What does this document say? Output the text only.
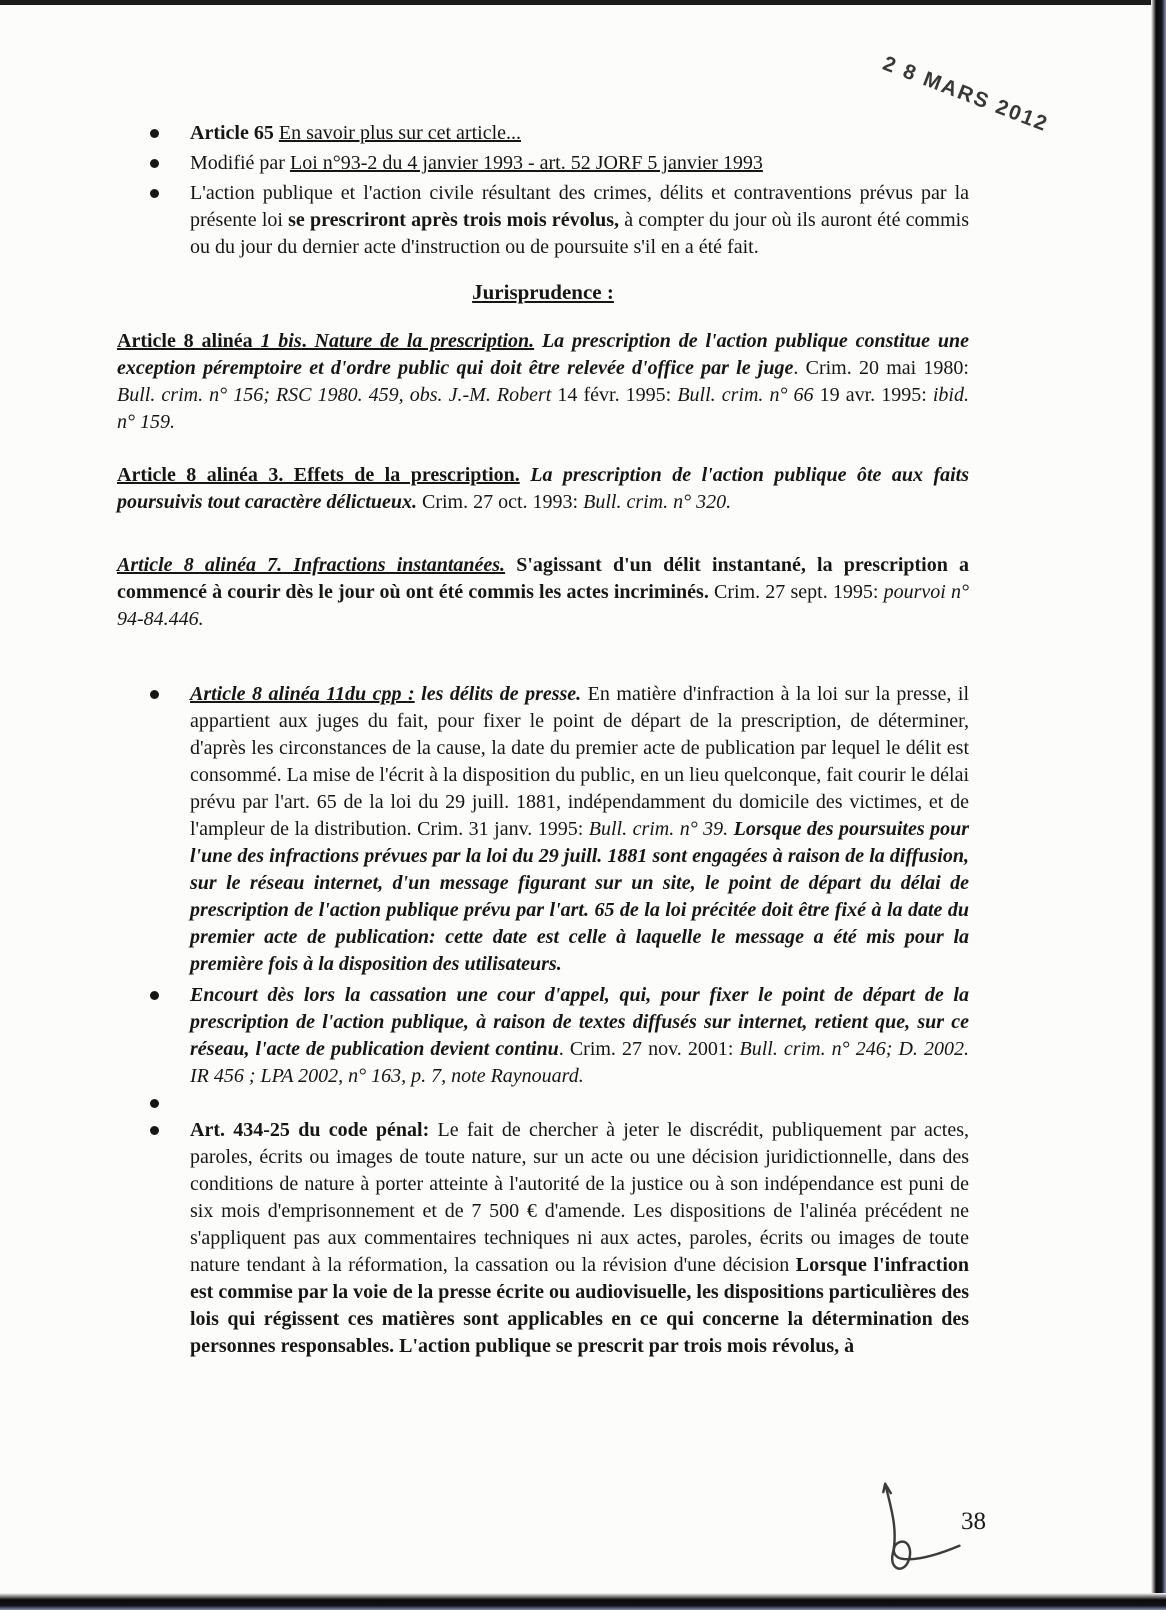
2 8 MARS 2012
Article 65 En savoir plus sur cet article...
Modifié par Loi n°93-2 du 4 janvier 1993 - art. 52 JORF 5 janvier 1993
L'action publique et l'action civile résultant des crimes, délits et contraventions prévus par la présente loi se prescriront après trois mois révolus, à compter du jour où ils auront été commis ou du jour du dernier acte d'instruction ou de poursuite s'il en a été fait.
Jurisprudence :

Article 8 alinéa 1 bis. Nature de la prescription. La prescription de l'action publique constitue une exception péremptoire et d'ordre public qui doit être relevée d'office par le juge. Crim. 20 mai 1980: Bull. crim. n° 156; RSC 1980. 459, obs. J.-M. Robert 14 févr. 1995: Bull. crim. n° 66 19 avr. 1995: ibid. n° 159.

Article 8 alinéa 3. Effets de la prescription. La prescription de l'action publique ôte aux faits poursuivis tout caractère délictueux. Crim. 27 oct. 1993: Bull. crim. n° 320.

Article 8 alinéa 7. Infractions instantanées. S'agissant d'un délit instantané, la prescription a commencé à courir dès le jour où ont été commis les actes incriminés. Crim. 27 sept. 1995: pourvoi n° 94-84.446.

Article 8 alinéa 11du cpp : les délits de presse. En matière d'infraction à la loi sur la presse, il appartient aux juges du fait, pour fixer le point de départ de la prescription, de déterminer, d'après les circonstances de la cause, la date du premier acte de publication par lequel le délit est consommé. La mise de l'écrit à la disposition du public, en un lieu quelconque, fait courir le délai prévu par l'art. 65 de la loi du 29 juill. 1881, indépendamment du domicile des victimes, et de l'ampleur de la distribution. Crim. 31 janv. 1995: Bull. crim. n° 39. Lorsque des poursuites pour l'une des infractions prévues par la loi du 29 juill. 1881 sont engagées à raison de la diffusion, sur le réseau internet, d'un message figurant sur un site, le point de départ du délai de prescription de l'action publique prévu par l'art. 65 de la loi précitée doit être fixé à la date du premier acte de publication: cette date est celle à laquelle le message a été mis pour la première fois à la disposition des utilisateurs.
Encourt dès lors la cassation une cour d'appel, qui, pour fixer le point de départ de la prescription de l'action publique, à raison de textes diffusés sur internet, retient que, sur ce réseau, l'acte de publication devient continu. Crim. 27 nov. 2001: Bull. crim. n° 246; D. 2002. IR 456 ; LPA 2002, n° 163, p. 7, note Raynouard.
Art. 434-25 du code pénal: Le fait de chercher à jeter le discrédit, publiquement par actes, paroles, écrits ou images de toute nature, sur un acte ou une décision juridictionnelle, dans des conditions de nature à porter atteinte à l'autorité de la justice ou à son indépendance est puni de six mois d'emprisonnement et de 7 500 € d'amende. Les dispositions de l'alinéa précédent ne s'appliquent pas aux commentaires techniques ni aux actes, paroles, écrits ou images de toute nature tendant à la réformation, la cassation ou la révision d'une décision Lorsque l'infraction est commise par la voie de la presse écrite ou audiovisuelle, les dispositions particulières des lois qui régissent ces matières sont applicables en ce qui concerne la détermination des personnes responsables. L'action publique se prescrit par trois mois révolus, à
38
